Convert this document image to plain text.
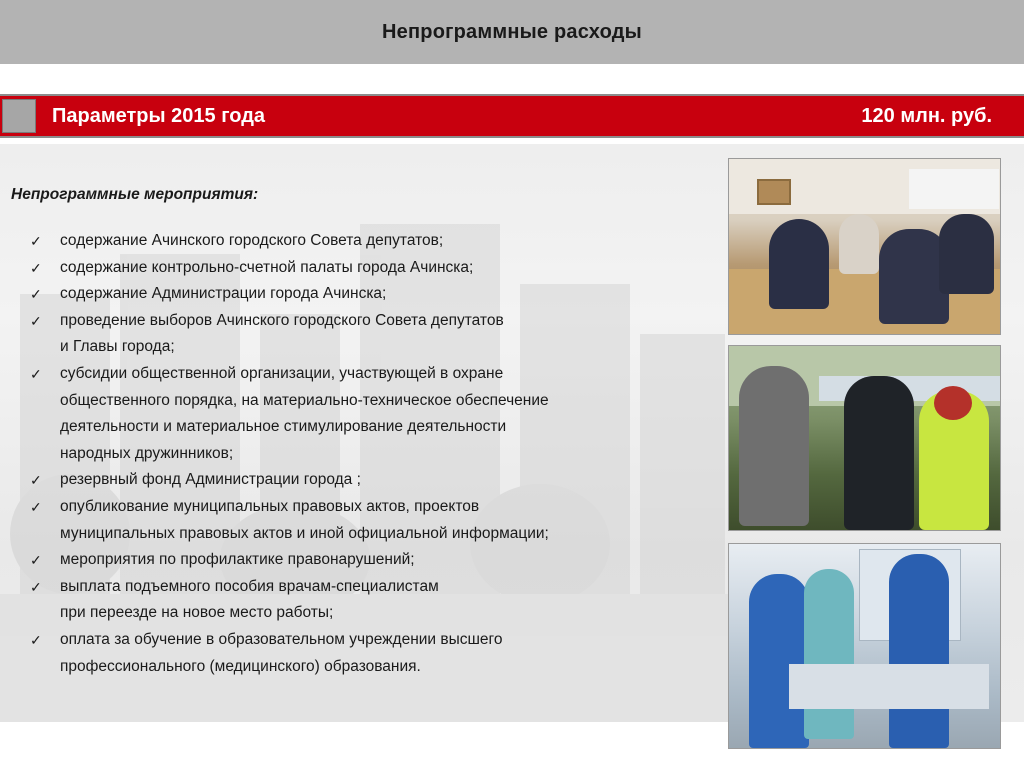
Непрограммные расходы
Параметры 2015 года	120 млн. руб.
Непрограммные мероприятия:
✓ содержание Ачинского городского Совета депутатов;
✓ содержание контрольно-счетной палаты города Ачинска;
✓ содержание Администрации города Ачинска;
✓ проведение выборов Ачинского городского Совета депутатов
и Главы города;
✓ субсидии общественной организации, участвующей в охране
общественного порядка, на материально-техническое обеспечение
деятельности и материальное стимулирование деятельности
народных дружинников;
✓ резервный фонд Администрации города ;
✓ опубликование муниципальных правовых актов, проектов
муниципальных правовых актов и иной официальной информации;
✓ мероприятия по профилактике правонарушений;
✓ выплата подъемного пособия врачам-специалистам
при переезде на новое место работы;
✓ оплата за обучение в образовательном учреждении высшего
профессионального (медицинского) образования.
